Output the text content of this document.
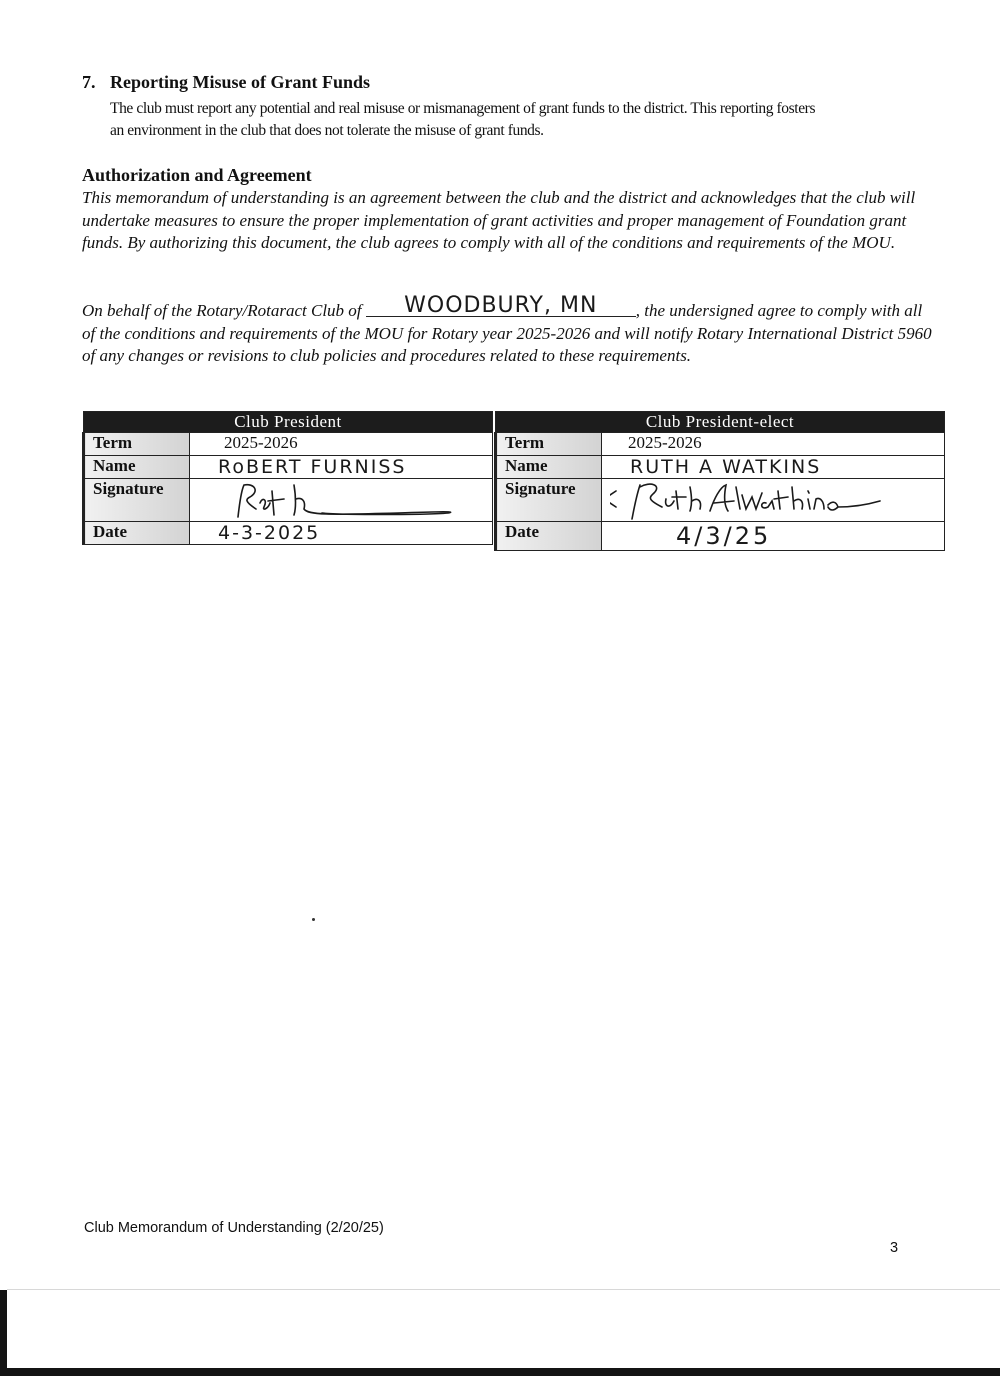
7. Reporting Misuse of Grant Funds
The club must report any potential and real misuse or mismanagement of grant funds to the district. This reporting fosters an environment in the club that does not tolerate the misuse of grant funds.
Authorization and Agreement
This memorandum of understanding is an agreement between the club and the district and acknowledges that the club will undertake measures to ensure the proper implementation of grant activities and proper management of Foundation grant funds. By authorizing this document, the club agrees to comply with all of the conditions and requirements of the MOU.
On behalf of the Rotary/Rotaract Club of WOODBURY, MN , the undersigned agree to comply with all of the conditions and requirements of the MOU for Rotary year 2025-2026 and will notify Rotary International District 5960 of any changes or revisions to club policies and procedures related to these requirements.
Club President	
Term	2025-2026
Name	RoBERT FURNISS
Signature	

Date	4-3-2025
Club President-elect	
Term	2025-2026
Name	RUTH A WATKINS
Signature	

Date	4/3/25
Club Memorandum of Understanding (2/20/25)
3
